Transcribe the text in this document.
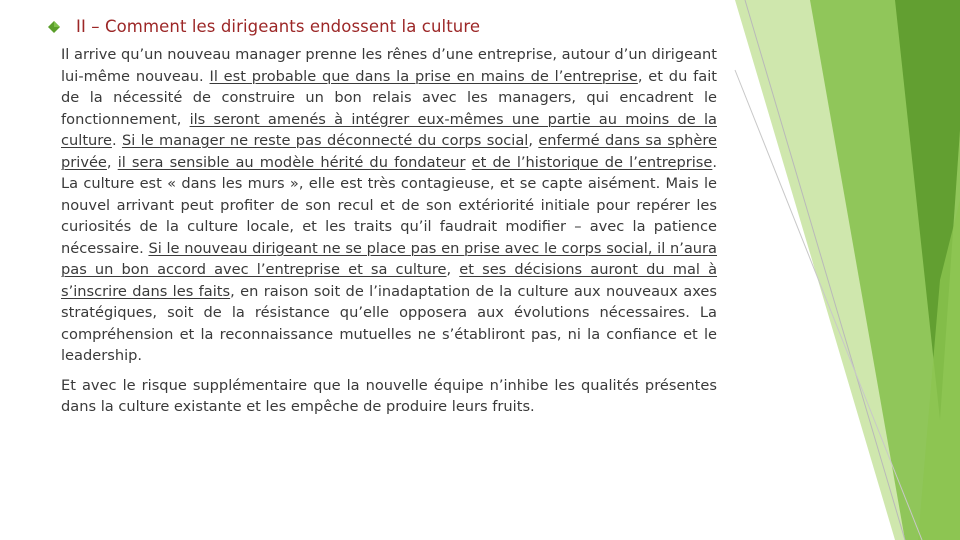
II – Comment les dirigeants endossent la culture

Il arrive qu’un nouveau manager prenne les rênes d’une entreprise, autour d’un dirigeant lui-même nouveau. Il est probable que dans la prise en mains de l’entreprise, et du fait de la nécessité de construire un bon relais avec les managers, qui encadrent le fonctionnement, ils seront amenés à intégrer eux-mêmes une partie au moins de la culture. Si le manager ne reste pas déconnecté du corps social, enfermé dans sa sphère privée, il sera sensible au modèle hérité du fondateur et de l’historique de l’entreprise. La culture est « dans les murs », elle est très contagieuse, et se capte aisément. Mais le nouvel arrivant peut profiter de son recul et de son extériorité initiale pour repérer les curiosités de la culture locale, et les traits qu’il faudrait modifier – avec la patience nécessaire. Si le nouveau dirigeant ne se place pas en prise avec le corps social, il n’aura pas un bon accord avec l’entreprise et sa culture, et ses décisions auront du mal à s’inscrire dans les faits, en raison soit de l’inadaptation de la culture aux nouveaux axes stratégiques, soit de la résistance qu’elle opposera aux évolutions nécessaires. La compréhension et la reconnaissance mutuelles ne s’établiront pas, ni la confiance et le leadership.

Et avec le risque supplémentaire que la nouvelle équipe n’inhibe les qualités présentes dans la culture existante et les empêche de produire leurs fruits.
